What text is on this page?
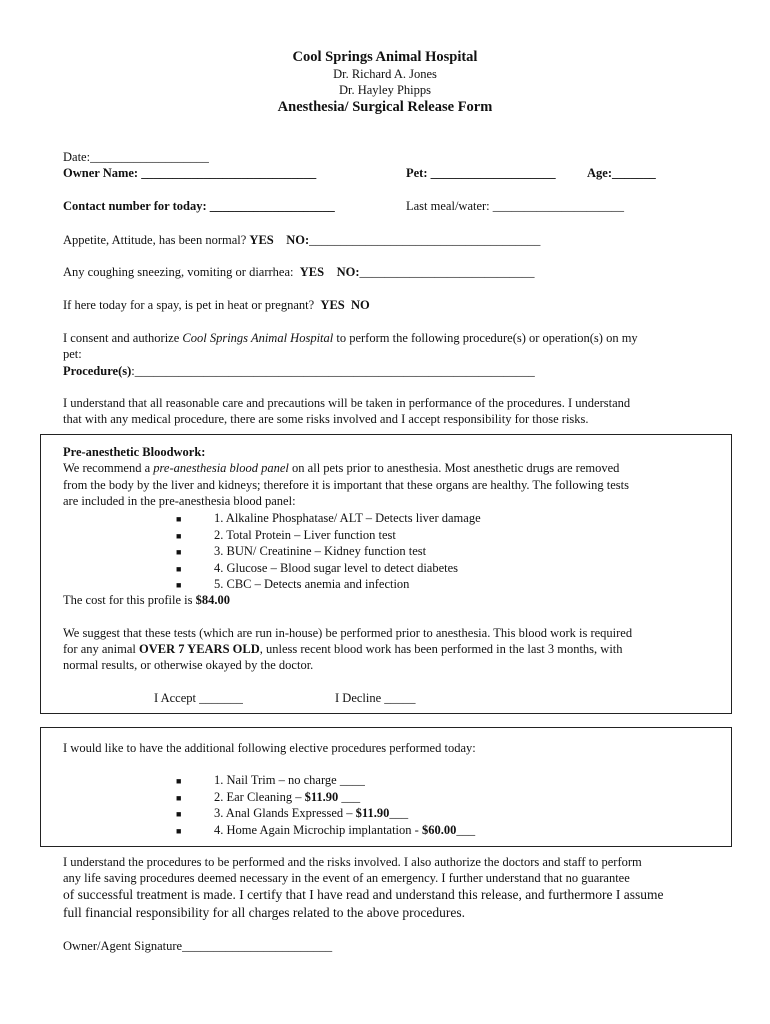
Cool Springs Animal Hospital
Dr. Richard A. Jones
Dr. Hayley Phipps
Anesthesia/ Surgical Release Form
Date:___________________
Owner Name: ____________________________	Pet: ____________________	Age:_______
Contact number for today: ____________________	Last meal/water: _____________________
Appetite, Attitude, has been normal? YES NO:_____________________________________
Any coughing sneezing, vomiting or diarrhea: YES NO:____________________________
If here today for a spay, is pet in heat or pregnant? YES NO
I consent and authorize Cool Springs Animal Hospital to perform the following procedure(s) or operation(s) on my
pet:
Procedure(s):________________________________________________________________
I understand that all reasonable care and precautions will be taken in performance of the procedures. I understand
that with any medical procedure, there are some risks involved and I accept responsibility for those risks.
Pre-anesthetic Bloodwork:
We recommend a pre-anesthesia blood panel on all pets prior to anesthesia. Most anesthetic drugs are removed
from the body by the liver and kidneys; therefore it is important that these organs are healthy. The following tests
are included in the pre-anesthesia blood panel:
■	1. Alkaline Phosphatase/ ALT – Detects liver damage
■	2. Total Protein – Liver function test
■	3. BUN/ Creatinine – Kidney function test
■	4. Glucose – Blood sugar level to detect diabetes
■	5. CBC – Detects anemia and infection
The cost for this profile is $84.00
We suggest that these tests (which are run in-house) be performed prior to anesthesia. This blood work is required
for any animal OVER 7 YEARS OLD, unless recent blood work has been performed in the last 3 months, with
normal results, or otherwise okayed by the doctor.
I Accept _______	I Decline _____
I would like to have the additional following elective procedures performed today:
■	1. Nail Trim – no charge ____
■	2. Ear Cleaning – $11.90 ___
■	3. Anal Glands Expressed – $11.90___
■	4. Home Again Microchip implantation - $60.00___
I understand the procedures to be performed and the risks involved. I also authorize the doctors and staff to perform
any life saving procedures deemed necessary in the event of an emergency. I further understand that no guarantee
of successful treatment is made. I certify that I have read and understand this release, and furthermore I assume
full financial responsibility for all charges related to the above procedures.
Owner/Agent Signature________________________
